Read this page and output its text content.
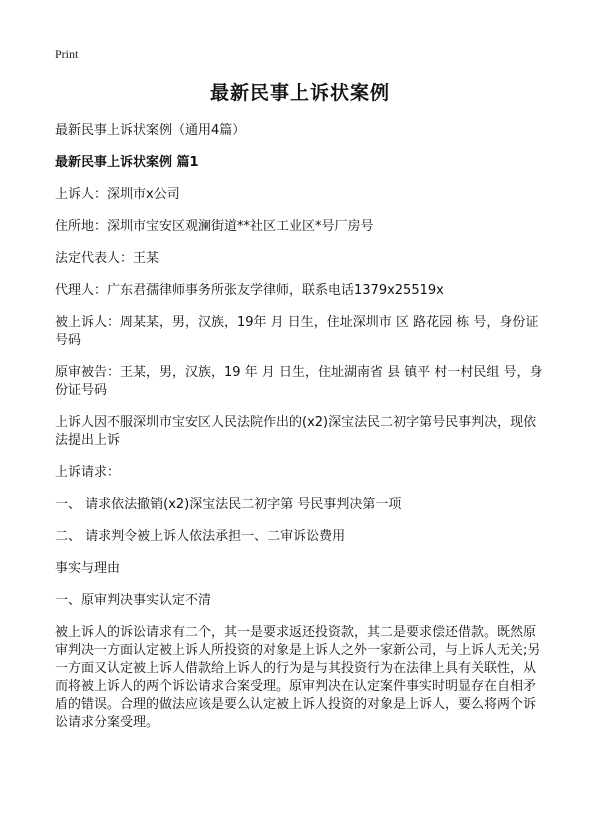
Print
最新民事上诉状案例
最新民事上诉状案例（通用4篇）
最新民事上诉状案例 篇1
上诉人：深圳市x公司
住所地：深圳市宝安区观澜街道**社区工业区*号厂房号
法定代表人：王某
代理人：广东君孺律师事务所张友学律师，联系电话1379x25519x
被上诉人：周某某，男，汉族，19年 月 日生，住址深圳市 区 路花园 栋 号，身份证号码
原审被告：王某，男，汉族，19 年 月 日生，住址湖南省 县 镇平 村一村民组 号，身份证号码
上诉人因不服深圳市宝安区人民法院作出的(x2)深宝法民二初字第号民事判决，现依法提出上诉
上诉请求：
一、 请求依法撤销(x2)深宝法民二初字第 号民事判决第一项
二、 请求判令被上诉人依法承担一、二审诉讼费用
事实与理由
一、原审判决事实认定不清
被上诉人的诉讼请求有二个，其一是要求返还投资款，其二是要求偿还借款。既然原审判决一方面认定被上诉人所投资的对象是上诉人之外一家新公司，与上诉人无关;另一方面又认定被上诉人借款给上诉人的行为是与其投资行为在法律上具有关联性，从而将被上诉人的两个诉讼请求合案受理。原审判决在认定案件事实时明显存在自相矛盾的错误。合理的做法应该是要么认定被上诉人投资的对象是上诉人，要么将两个诉讼请求分案受理。
